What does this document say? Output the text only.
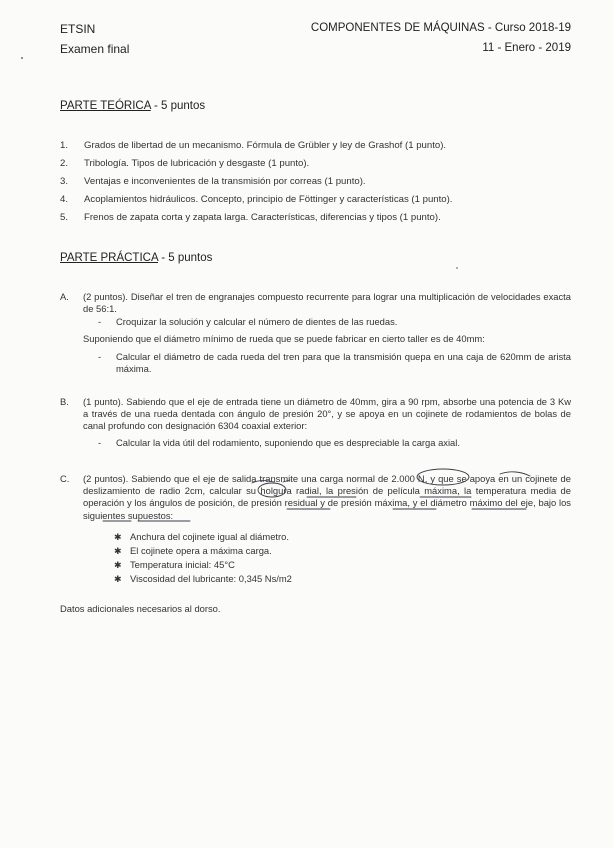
ETSIN
Examen final
COMPONENTES DE MÁQUINAS - Curso 2018-19
11 - Enero - 2019
PARTE TEÓRICA - 5 puntos
1. Grados de libertad de un mecanismo. Fórmula de Grübler y ley de Grashof (1 punto).
2. Tribología. Tipos de lubricación y desgaste (1 punto).
3. Ventajas e inconvenientes de la transmisión por correas (1 punto).
4. Acoplamientos hidráulicos. Concepto, principio de Föttinger y características (1 punto).
5. Frenos de zapata corta y zapata larga. Características, diferencias y tipos (1 punto).
PARTE PRÁCTICA - 5 puntos
A. (2 puntos). Diseñar el tren de engranajes compuesto recurrente para lograr una multiplicación de velocidades exacta de 56:1.
- Croquizar la solución y calcular el número de dientes de las ruedas.
Suponiendo que el diámetro mínimo de rueda que se puede fabricar en cierto taller es de 40mm:
- Calcular el diámetro de cada rueda del tren para que la transmisión quepa en una caja de 620mm de arista máxima.
B. (1 punto). Sabiendo que el eje de entrada tiene un diámetro de 40mm, gira a 90 rpm, absorbe una potencia de 3 Kw a través de una rueda dentada con ángulo de presión 20°, y se apoya en un cojinete de rodamientos de bolas de canal profundo con designación 6304 coaxial exterior:
- Calcular la vida útil del rodamiento, suponiendo que es despreciable la carga axial.
C. (2 puntos). Sabiendo que el eje de salida transmite una carga normal de 2.000 N, y que se apoya en un cojinete de deslizamiento de radio 2cm, calcular su holgura radial, la presión de película máxima, la temperatura media de operación y los ángulos de posición, de presión residual y de presión máxima, y el diámetro máximo del eje, bajo los siguientes supuestos:
✱ Anchura del cojinete igual al diámetro.
✱ El cojinete opera a máxima carga.
✱ Temperatura inicial: 45°C
✱ Viscosidad del lubricante: 0,345 Ns/m2
Datos adicionales necesarios al dorso.
